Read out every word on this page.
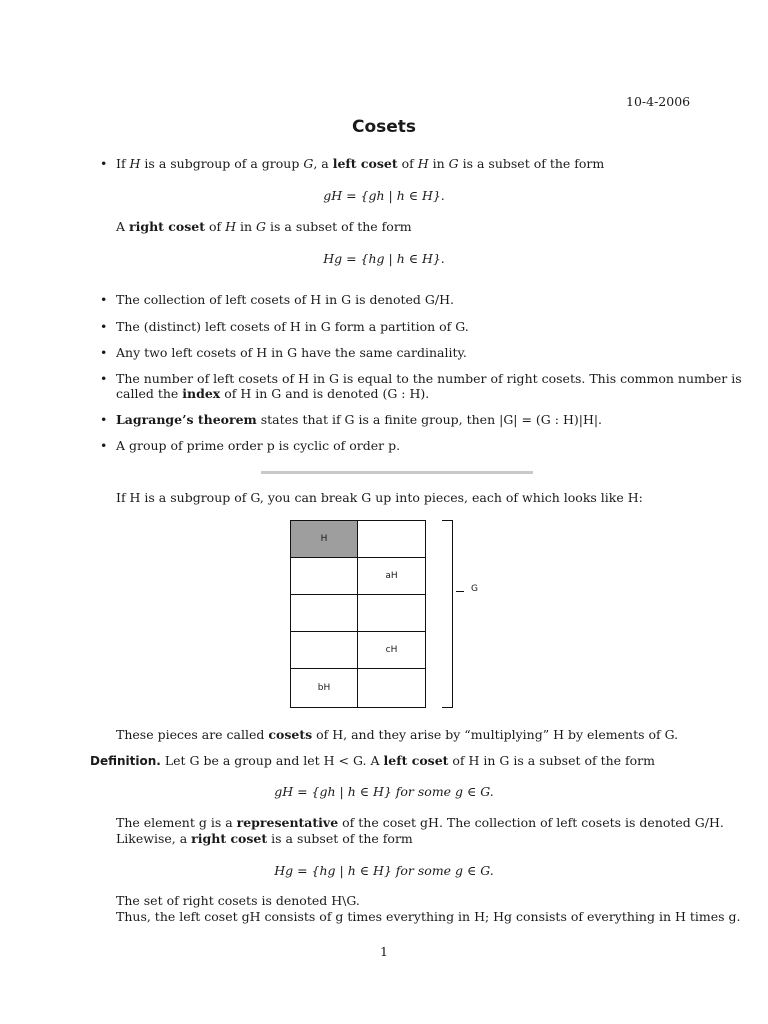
10-4-2006
Cosets
• If H is a subgroup of a group G, a left coset of H in G is a subset of the form
gH = {gh | h ∈ H}.
A right coset of H in G is a subset of the form
Hg = {hg | h ∈ H}.
• The collection of left cosets of H in G is denoted G/H.
• The (distinct) left cosets of H in G form a partition of G.
• Any two left cosets of H in G have the same cardinality.
• The number of left cosets of H in G is equal to the number of right cosets. This common number is
called the index of H in G and is denoted (G : H).
• Lagrange’s theorem states that if G is a finite group, then |G| = (G : H)|H|.
• A group of prime order p is cyclic of order p.
If H is a subgroup of G, you can break G up into pieces, each of which looks like H:
H
aH
cH
bH
G
These pieces are called cosets of H, and they arise by “multiplying” H by elements of G.
Definition. Let G be a group and let H < G. A left coset of H in G is a subset of the form
gH = {gh | h ∈ H} for some g ∈ G.
The element g is a representative of the coset gH. The collection of left cosets is denoted G/H.
Likewise, a right coset is a subset of the form
Hg = {hg | h ∈ H} for some g ∈ G.
The set of right cosets is denoted H\G.
Thus, the left coset gH consists of g times everything in H; Hg consists of everything in H times g.
1
